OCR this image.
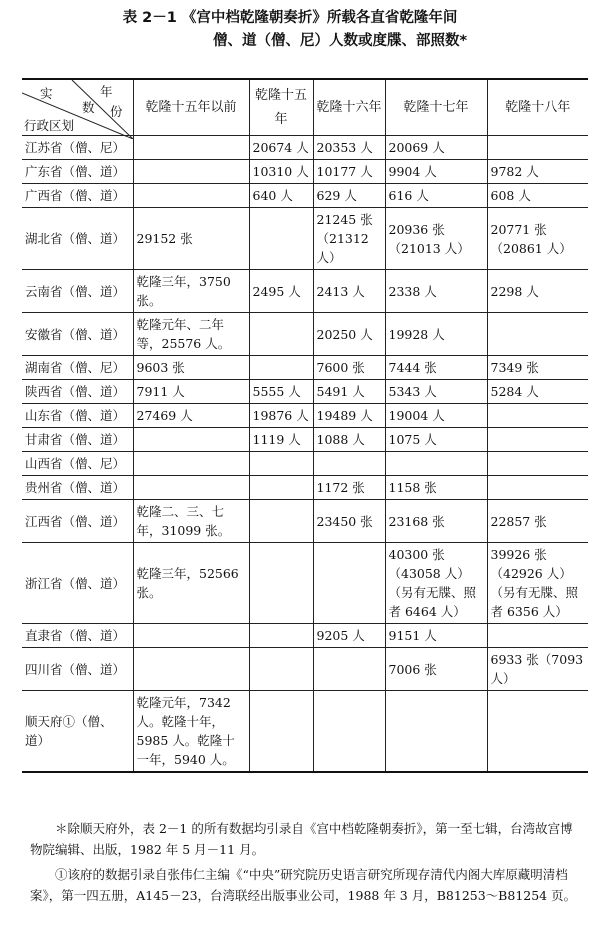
表 2－1 《宫中档乾隆朝奏折》所载各直省乾隆年间
僧、道（僧、尼）人数或度牒、部照数*
实 年
数 份
行政区划	乾隆十五年以前	乾隆十五年	乾隆十六年	乾隆十七年	乾隆十八年
江苏省（僧、尼）		20674 人	20353 人	20069 人	
广东省（僧、道）		10310 人	10177 人	9904 人	9782 人
广西省（僧、道）		640 人	629 人	616 人	608 人
湖北省（僧、道）	29152 张		21245 张（21312 人）	20936 张（21013 人）	20771 张（20861 人）
云南省（僧、道）	乾隆三年，3750 张。	2495 人	2413 人	2338 人	2298 人
安徽省（僧、道）	乾隆元年、二年等，25576 人。		20250 人	19928 人	
湖南省（僧、尼）	9603 张		7600 张	7444 张	7349 张
陕西省（僧、道）	7911 人	5555 人	5491 人	5343 人	5284 人
山东省（僧、道）	27469 人	19876 人	19489 人	19004 人	
甘肃省（僧、道）		1119 人	1088 人	1075 人	
山西省（僧、尼）					
贵州省（僧、道）			1172 张	1158 张	
江西省（僧、道）	乾隆二、三、七年，31099 张。		23450 张	23168 张	22857 张
浙江省（僧、道）	乾隆三年，52566 张。			40300 张（43058 人）（另有无牒、照者 6464 人）	39926 张（42926 人）（另有无牒、照者 6356 人）
直隶省（僧、道）			9205 人	9151 人	
四川省（僧、道）				7006 张	6933 张（7093 人）
顺天府①（僧、道）	乾隆元年，7342 人。乾隆十年，5985 人。乾隆十一年，5940 人。				

＊除顺天府外，表 2－1 的所有数据均引录自《宫中档乾隆朝奏折》，第一至七辑，台湾故宫博物院编辑、出版，1982 年 5 月－11 月。

①该府的数据引录自张伟仁主编《“中央”研究院历史语言研究所现存清代内阁大库原藏明清档案》，第一四五册，A145－23，台湾联经出版事业公司，1988 年 3 月，B81253～B81254 页。
